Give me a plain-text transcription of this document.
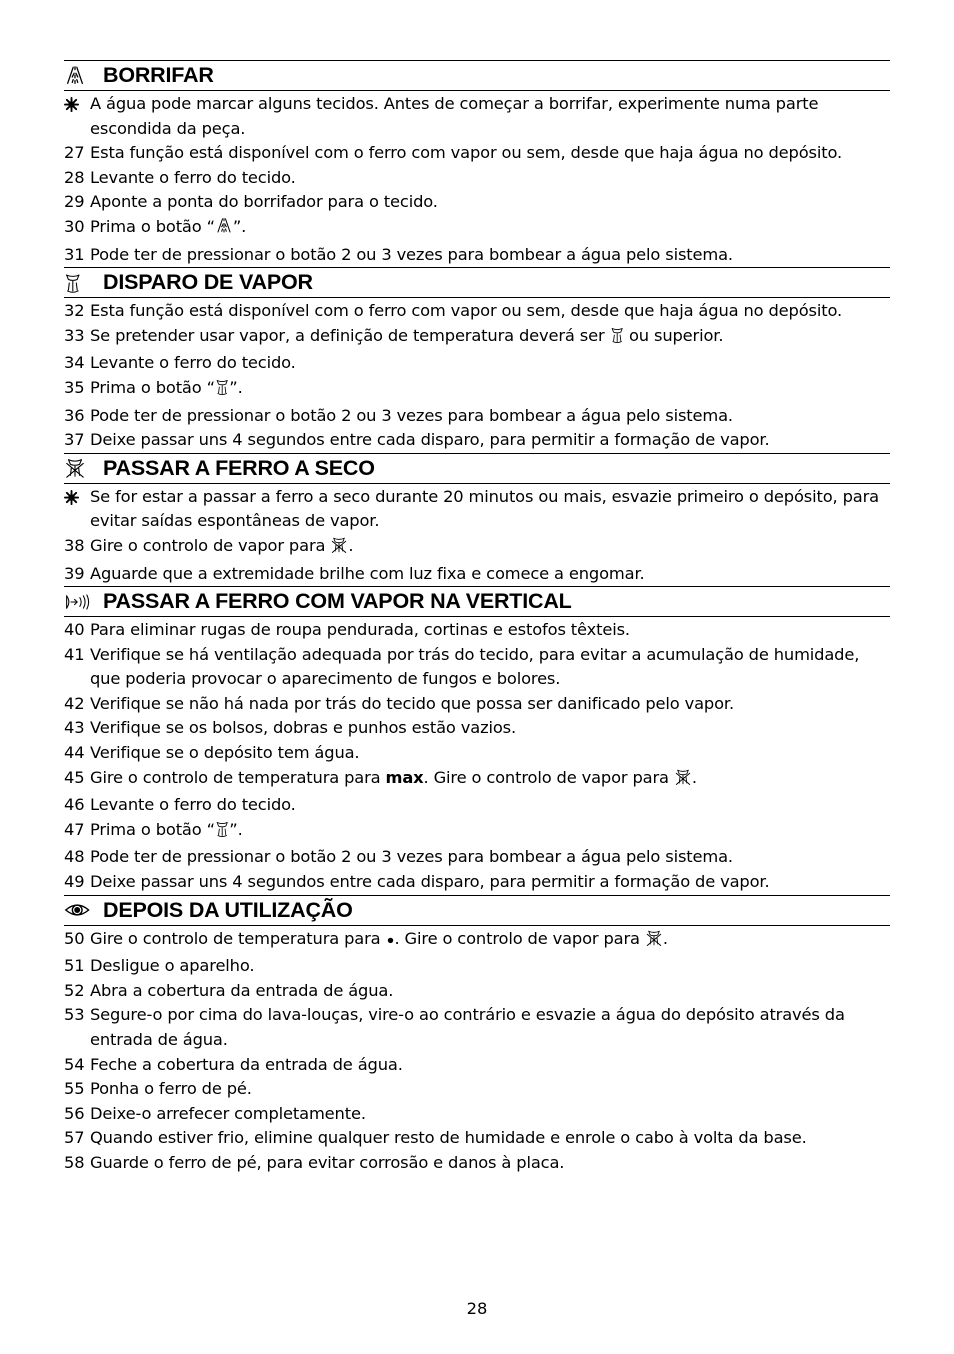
BORRIFAR
A água pode marcar alguns tecidos. Antes de começar a borrifar, experimente numa parte escondida da peça.
27 Esta função está disponível com o ferro com vapor ou sem, desde que haja água no depósito.
28 Levante o ferro do tecido.
29 Aponte a ponta do borrifador para o tecido.
30 Prima o botão “ ”.
31 Pode ter de pressionar o botão 2 ou 3 vezes para bombear a água pelo sistema.
DISPARO DE VAPOR
32 Esta função está disponível com o ferro com vapor ou sem, desde que haja água no depósito.
33 Se pretender usar vapor, a definição de temperatura deverá ser  ou superior.
34 Levante o ferro do tecido.
35 Prima o botão “ ”.
36 Pode ter de pressionar o botão 2 ou 3 vezes para bombear a água pelo sistema.
37 Deixe passar uns 4 segundos entre cada disparo, para permitir a formação de vapor.
PASSAR A FERRO A SECO
Se for estar a passar a ferro a seco durante 20 minutos ou mais, esvazie primeiro o depósito, para evitar saídas espontâneas de vapor.
38 Gire o controlo de vapor para .
39 Aguarde que a extremidade brilhe com luz fixa e comece a engomar.
PASSAR A FERRO COM VAPOR NA VERTICAL
40 Para eliminar rugas de roupa pendurada, cortinas e estofos têxteis.
41 Verifique se há ventilação adequada por trás do tecido, para evitar a acumulação de humidade, que poderia provocar o aparecimento de fungos e bolores.
42 Verifique se não há nada por trás do tecido que possa ser danificado pelo vapor.
43 Verifique se os bolsos, dobras e punhos estão vazios.
44 Verifique se o depósito tem água.
45 Gire o controlo de temperatura para max. Gire o controlo de vapor para .
46 Levante o ferro do tecido.
47 Prima o botão “ ”.
48 Pode ter de pressionar o botão 2 ou 3 vezes para bombear a água pelo sistema.
49 Deixe passar uns 4 segundos entre cada disparo, para permitir a formação de vapor.
DEPOIS DA UTILIZAÇÃO
50 Gire o controlo de temperatura para . Gire o controlo de vapor para .
51 Desligue o aparelho.
52 Abra a cobertura da entrada de água.
53 Segure-o por cima do lava-louças, vire-o ao contrário e esvazie a água do depósito através da entrada de água.
54 Feche a cobertura da entrada de água.
55 Ponha o ferro de pé.
56 Deixe-o arrefecer completamente.
57 Quando estiver frio, elimine qualquer resto de humidade e enrole o cabo à volta da base.
58 Guarde o ferro de pé, para evitar corrosão e danos à placa.
28
